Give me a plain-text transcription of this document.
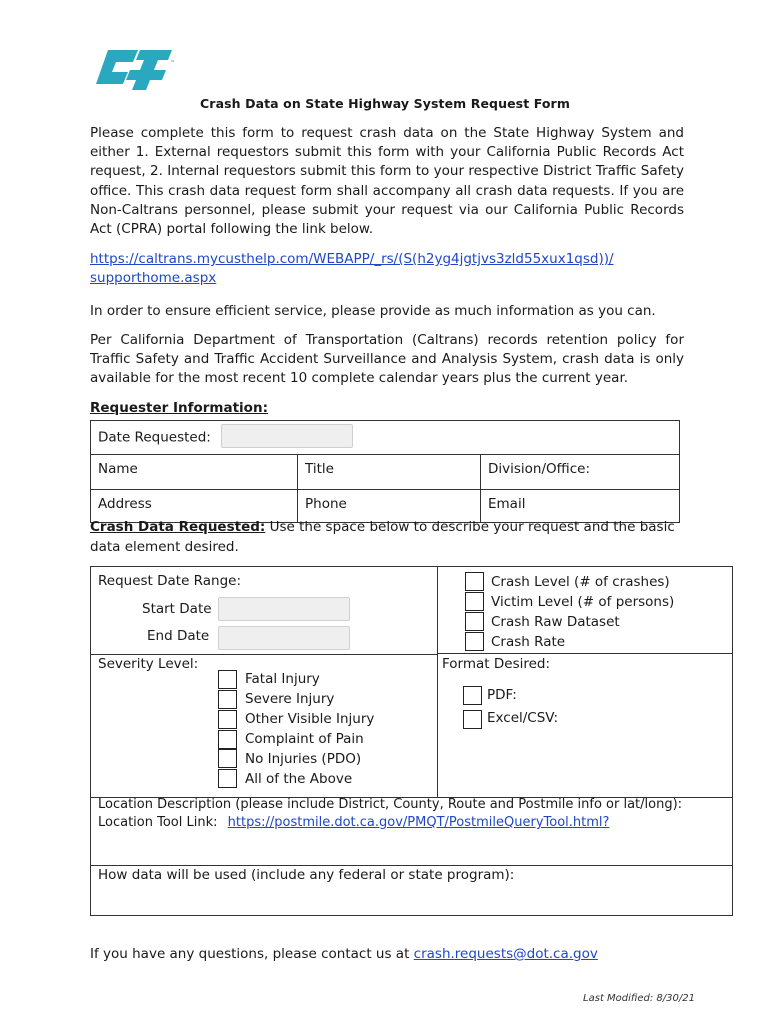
™
Crash Data on State Highway System Request Form
Please complete this form to request crash data on the State Highway System and either 1. External requestors submit this form with your California Public Records Act request, 2. Internal requestors submit this form to your respective District Traffic Safety office. This crash data request form shall accompany all crash data requests. If you are Non-Caltrans personnel, please submit your request via our California Public Records Act (CPRA) portal following the link below.
https://caltrans.mycusthelp.com/WEBAPP/_rs/(S(h2yg4jgtjvs3zld55xux1qsd))/
supporthome.aspx
In order to ensure efficient service, please provide as much information as you can.
Per California Department of Transportation (Caltrans) records retention policy for Traffic Safety and Traffic Accident Surveillance and Analysis System, crash data is only available for the most recent 10 complete calendar years plus the current year.
Requester Information:
Date Requested:		
Name	Title	Division/Office:
Address	Phone	Email
Crash Data Requested: Use the space below to describe your request and the basic data element desired.
Request Date Range:
Start Date
End Date
Crash Level (# of crashes)
Victim Level (# of persons)
Crash Raw Dataset
Crash Rate
Severity Level:
Fatal Injury
Severe Injury
Other Visible Injury
Complaint of Pain
No Injuries (PDO)
All of the Above
Format Desired:
PDF:
Excel/CSV:
Location Description (please include District, County, Route and Postmile info or lat/long):
Location Tool Link: https://postmile.dot.ca.gov/PMQT/PostmileQueryTool.html?
How data will be used (include any federal or state program):
If you have any questions, please contact us at crash.requests@dot.ca.gov
Last Modified: 8/30/21
